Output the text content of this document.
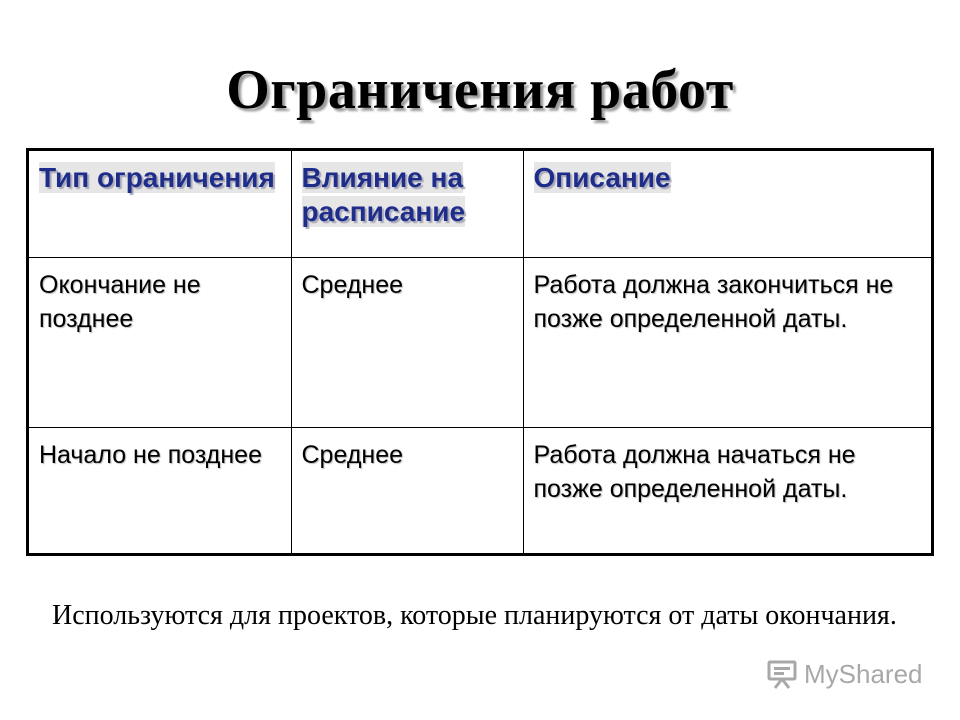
Ограничения работ
Тип ограничения	Влияние на расписание	Описание
Окончание не позднее	Среднее	Работа должна закончиться не позже определенной даты.
Начало не позднее	Среднее	Работа должна начаться не позже определенной даты.
Используются для проектов, которые планируются от даты окончания.
MyShared
